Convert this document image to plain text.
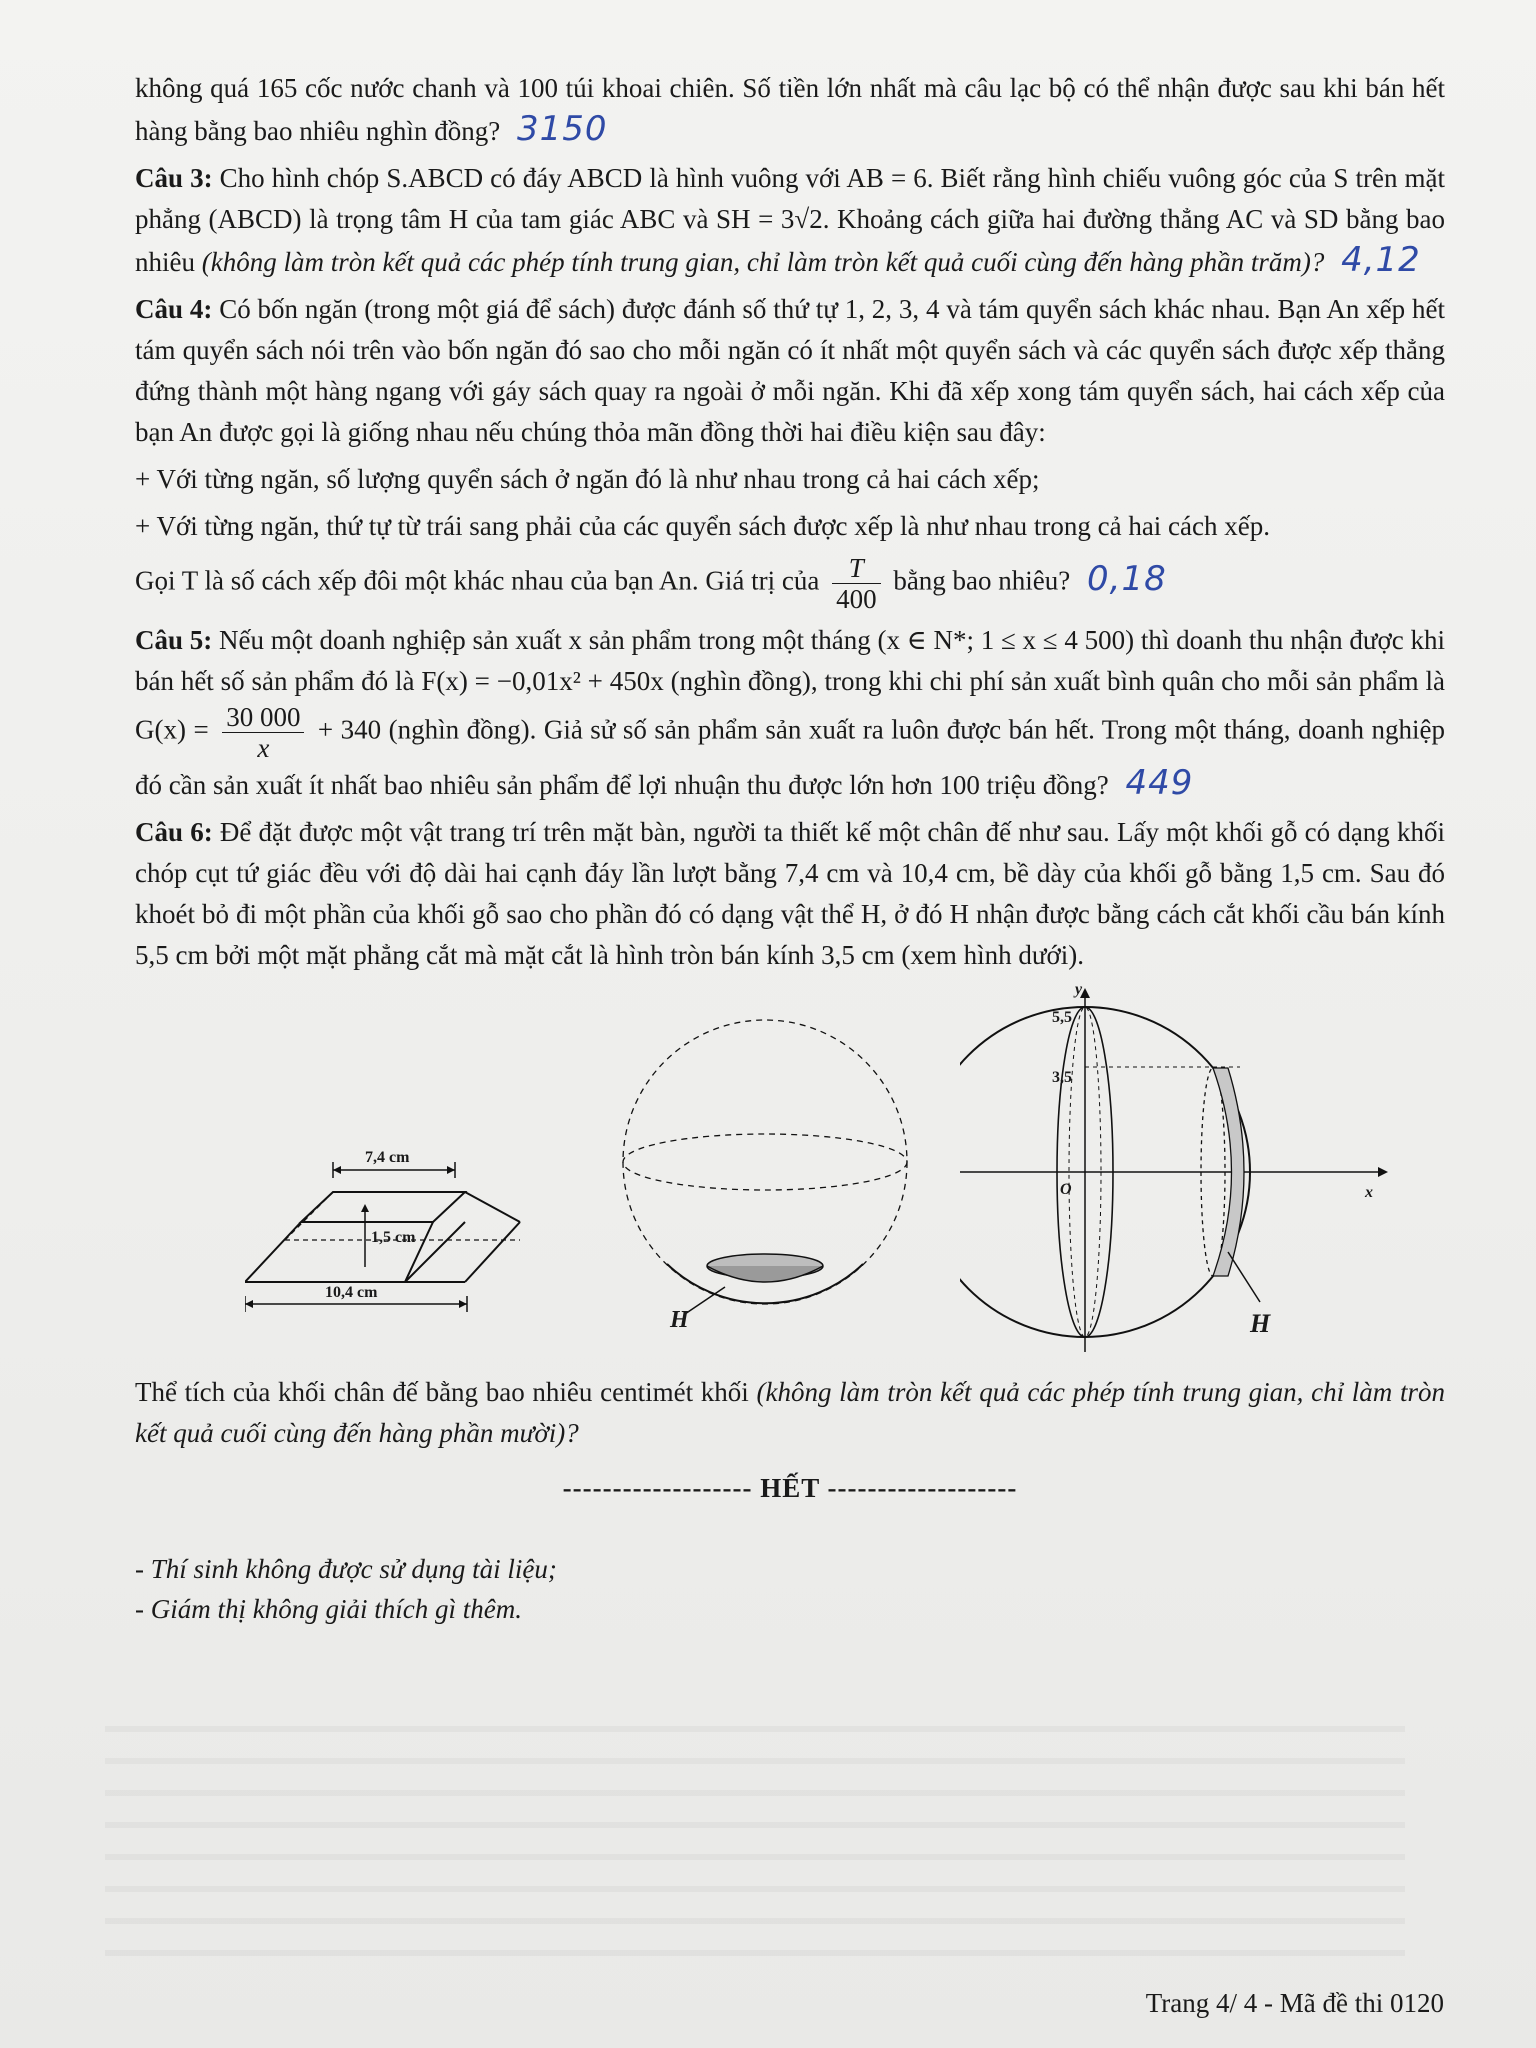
không quá 165 cốc nước chanh và 100 túi khoai chiên. Số tiền lớn nhất mà câu lạc bộ có thể nhận được sau khi bán hết hàng bằng bao nhiêu nghìn đồng? 3150

Câu 3: Cho hình chóp S.ABCD có đáy ABCD là hình vuông với AB = 6. Biết rằng hình chiếu vuông góc của S trên mặt phẳng (ABCD) là trọng tâm H của tam giác ABC và SH = 3√2. Khoảng cách giữa hai đường thẳng AC và SD bằng bao nhiêu (không làm tròn kết quả các phép tính trung gian, chỉ làm tròn kết quả cuối cùng đến hàng phần trăm)? 4,12

Câu 4: Có bốn ngăn (trong một giá để sách) được đánh số thứ tự 1, 2, 3, 4 và tám quyển sách khác nhau. Bạn An xếp hết tám quyển sách nói trên vào bốn ngăn đó sao cho mỗi ngăn có ít nhất một quyển sách và các quyển sách được xếp thẳng đứng thành một hàng ngang với gáy sách quay ra ngoài ở mỗi ngăn. Khi đã xếp xong tám quyển sách, hai cách xếp của bạn An được gọi là giống nhau nếu chúng thỏa mãn đồng thời hai điều kiện sau đây:

+ Với từng ngăn, số lượng quyển sách ở ngăn đó là như nhau trong cả hai cách xếp;

+ Với từng ngăn, thứ tự từ trái sang phải của các quyển sách được xếp là như nhau trong cả hai cách xếp.

Gọi T là số cách xếp đôi một khác nhau của bạn An. Giá trị của $\frac{T}{400}$ bằng bao nhiêu? 0,18

Câu 5: Nếu một doanh nghiệp sản xuất x sản phẩm trong một tháng (x ∈ N*; 1 ≤ x ≤ 4 500) thì doanh thu nhận được khi bán hết số sản phẩm đó là F(x) = −0,01x² + 450x (nghìn đồng), trong khi chi phí sản xuất bình quân cho mỗi sản phẩm là $G(x) = \frac{30 000}{x} + 340$ (nghìn đồng). Giả sử số sản phẩm sản xuất ra luôn được bán hết. Trong một tháng, doanh nghiệp đó cần sản xuất ít nhất bao nhiêu sản phẩm để lợi nhuận thu được lớn hơn 100 triệu đồng? 449

Câu 6: Để đặt được một vật trang trí trên mặt bàn, người ta thiết kế một chân đế như sau. Lấy một khối gỗ có dạng khối chóp cụt tứ giác đều với độ dài hai cạnh đáy lần lượt bằng 7,4 cm và 10,4 cm, bề dày của khối gỗ bằng 1,5 cm. Sau đó khoét bỏ đi một phần của khối gỗ sao cho phần đó có dạng vật thể H, ở đó H nhận được bằng cách cắt khối cầu bán kính 5,5 cm bởi một mặt phẳng cắt mà mặt cắt là hình tròn bán kính 3,5 cm (xem hình dưới).

7,4 cm
1,5 cm
10,4 cm
H
y
5,5
x
O
3,5
H

Thể tích của khối chân đế bằng bao nhiêu centimét khối (không làm tròn kết quả các phép tính trung gian, chỉ làm tròn kết quả cuối cùng đến hàng phần mười)?

------------------- HẾT -------------------
- Thí sinh không được sử dụng tài liệu;
- Giám thị không giải thích gì thêm.
Trang 4/ 4 - Mã đề thi 0120
